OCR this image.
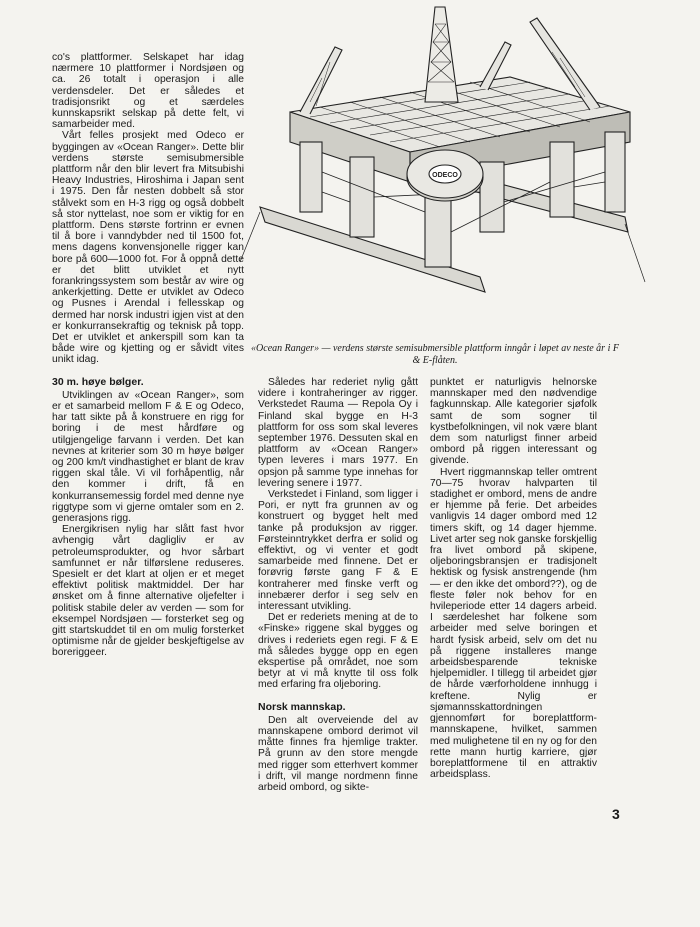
co's plattformer. Selskapet har idag nærmere 10 plattformer i Nordsjøen og ca. 26 totalt i operasjon i alle verdensdeler. Det er således et tradisjonsrikt og et særdeles kunnskapsrikt selskap på dette felt, vi samarbeider med.

Vårt felles prosjekt med Odeco er byggingen av «Ocean Ranger». Dette blir verdens største semisubmersible plattform når den blir levert fra Mitsubishi Heavy Industries, Hiroshima i Japan sent i 1975. Den får nesten dobbelt så stor stålvekt som en H-3 rigg og også dobbelt så stor nyttelast, noe som er viktig for en plattform. Dens største fortrinn er evnen til å bore i vanndybder ned til 1500 fot, mens dagens konvensjonelle rigger kan bore på 600—1000 fot. For å oppnå dette er det blitt utviklet et nytt forankringssystem som består av wire og ankerkjetting. Dette er utviklet av Odeco og Pusnes i Arendal i fellesskap og dermed har norsk industri igjen vist at den er konkurransekraftig og teknisk på topp. Det er utviklet et ankerspill som kan ta både wire og kjetting og er såvidt vites unikt idag.

30 m. høye bølger.

Utviklingen av «Ocean Ranger», som er et samarbeid mellom F & E og Odeco, har tatt sikte på å konstruere en rigg for boring i de mest hårdføre og utilgjengelige farvann i verden. Det kan nevnes at kriterier som 30 m høye bølger og 200 km/t vindhastighet er blant de krav riggen skal tåle. Vi vil forhåpentlig, når den kommer i drift, få en konkurransemessig fordel med denne nye riggtype som vi gjerne omtaler som en 2. generasjons rigg.

Energikrisen nylig har slått fast hvor avhengig vårt dagligliv er av petroleumsprodukter, og hvor sårbart samfunnet er når tilførslene reduseres. Spesielt er det klart at oljen er et meget effektivt politisk maktmiddel. Der har ønsket om å finne alternative oljefelter i politisk stabile deler av verden — som for eksempel Nordsjøen — forsterket seg og gitt startskuddet til en om mulig forsterket optimisme når de gjelder beskjeftigelse av boreriggeer.

ODECO
«Ocean Ranger» — verdens største semisubmersible plattform inngår i løpet av neste år i F & E-flåten.

Således har rederiet nylig gått videre i kontraheringer av rigger. Verkstedet Rauma — Repola Oy i Finland skal bygge en H-3 plattform for oss som skal leveres september 1976. Dessuten skal en plattform av «Ocean Ranger» typen leveres i mars 1977. En opsjon på samme type innehas for levering senere i 1977.

Verkstedet i Finland, som ligger i Pori, er nytt fra grunnen av og konstruert og bygget helt med tanke på produksjon av rigger. Førsteinntrykket derfra er solid og effektivt, og vi venter et godt samarbeide med finnene. Det er forøvrig første gang F & E kontraherer med finske verft og innebærer derfor i seg selv en interessant utvikling.

Det er rederiets mening at de to «Finske» riggene skal bygges og drives i rederiets egen regi. F & E må således bygge opp en egen ekspertise på området, noe som betyr at vi må knytte til oss folk med erfaring fra oljeboring.

Norsk mannskap.

Den alt overveiende del av mannskapene ombord derimot vil måtte finnes fra hjemlige trakter. På grunn av den store mengde med rigger som etterhvert kommer i drift, vil mange nordmenn finne arbeid ombord, og sikte-

punktet er naturligvis helnorske mannskaper med den nødvendige fagkunnskap. Alle kategorier sjøfolk samt de som sogner til kystbefolkningen, vil nok være blant dem som naturligst finner arbeid ombord på riggen interessant og givende.

Hvert riggmannskap teller omtrent 70—75 hvorav halvparten til stadighet er ombord, mens de andre er hjemme på ferie. Det arbeides vanligvis 14 dager ombord med 12 timers skift, og 14 dager hjemme. Livet arter seg nok ganske forskjellig fra livet ombord på skipene, oljeboringsbransjen er tradisjonelt hektisk og fysisk anstrengende (hm — er den ikke det ombord??), og de fleste føler nok behov for en hvileperiode etter 14 dagers arbeid. I særdeleshet har folkene som arbeider med selve boringen et hardt fysisk arbeid, selv om det nu på riggene installeres mange arbeidsbesparende tekniske hjelpemidler. I tillegg til arbeidet gjør de hårde værforholdene innhugg i kreftene. Nylig er sjømannsskattordningen gjennomført for boreplattform-mannskapene, hvilket, sammen med mulighetene til en ny og for den rette mann hurtig karriere, gjør boreplattformene til en attraktiv arbeidsplass.

3
